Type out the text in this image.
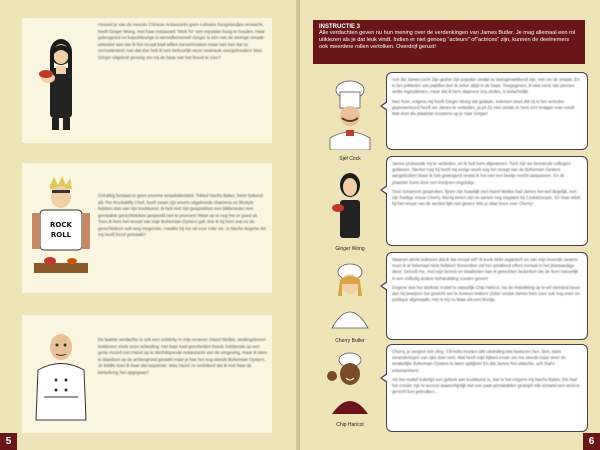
Hoewel je van de meeste Chinese restaurants geen culinaire hoogstandjes verwacht, heeft Ginger Wong, met haar restaurant "Wok To" een reputatie hoog te houden. Haar gebrogeerd en koperkleurige is wereldberoemd! Ginger is één van de weinige omaak-artiesten aan wie ik het recept kaal willen toevertrouwen maar niet met dat ze verzoeteramt! Aan dat doe heb ik een behoorlijk vieze nasmaak overgehouden! Was Ginger uitgeloot genoeg om mij de baas van het brood te zien?
ROCK
ROLL
Gelukkig bestaat er geen enorme smaakidentiteit. Tokkel Nacho Baker, beter bekend als The Rockabilly Chef, heeft naast zijn enorm uitgebreide charisma en lifestyle hebben dan van zijn kookkunst. Ik heb met zijn gesprekken een blikbroeder met gemaakte gerechtsteken gespeeld niet te proeven! Waar op te nog het er goed uit. Toen ik hem het recept van mijn Bohemian Oysters gaf, doe ik bij hem wat nu de gerechtsteen ook weg megenste, maakte hij me uit voor rotte vis. Is Nacho degene die mij heeft bood gemaakt?
De laatste verdachte is ook een celebrity in mijn ervaren: Hazel Wellas, wedergeboren lesbienne sinds onze scheiding. Het haar kaal gescheiden hoedt, hebbende op een grote moord met Hazel op te slechtlopende restaurants van de omgeving, maar ik laten is daardoor op de achtergrond geraakt maar je kan het nog steeds Bohemian Oysters. Je kiddle toen ik haar dat toeperste. Was Hazel zo verbitterd dat ik met haar de bieterkring het opgegaan?
5
INSTRUCTIE 3
Alle verdachten geven nu hun mening over de verdenkingen van James Butler. Je mag allemaal een rol uitkiezen als je dat leuk vindt. Indien er niet genoeg "acteurs" of"actrices" zijn, kunnen de deelnemers ook meerdere rollen vertolken. Overdrijf gerust!
Sjef Cock

Ach die James toch! Zijn gedoe zijn populair omdat ze lastogenwikkend zijn, niet om de smaak. En in het prikkelen van papillen ben ik zeker altijd in de baas. Toegegeven, ik wist eerst niet precies welke ingrediënten, maar dat ik hem daarvoor zou doden, is belachelijk!

Nee hoor, volgens mij heeft Ginger Wong dat gedaan, iedereen weet dat zij in het verleden gepresenteerd heeft om James te verleiden, ja ja! Ze niet omdat ze hem zo'n knappe man vond! Wat doet die plaatstar trouwens op je naar Ginger!

Ginger Wong

James probeerde mij te verleiden, en ik heb hem afgewezen. Toch zijn we bevriende collega's gebleven. Sterker nog hij heeft mij vorige week nog het recept van de Bohemian Oysters aangeboden! Maar ik heb geweigerd omdat ik het niet een beetje mocht aanpassen. En de plaatster komt door een konijnen-ongelukje.

Over romances gesproken: fijnen zijn huwelijk met Hazel Wellas had James het wel degelijk, met zijn huidige vrouw Cherry. Menig keren zijn ze samen nog stagiaire bij Cook&Soupie. En haar wilde hij het recept van de secties lijkt niet geven! Wie je daar boos over Cherry!

Cherry Butler

Waarom denkt iedereen dat ik dat recept wil? Ik kook strikt organisch en van mijn levende oesters moet ik al helemaal niets hebben! Bovendien zal het opvallend effect zomaal in het plantaardige dieet. Gelooft me, met mijn kennis en kwaliteiten kan ik gerechten bedenken die de ferm natuurlijk in een volledig andere behandeling zouden geven!

Degene met het sterkste motief is natuurlijk Chip Haricot. Na de mislukking op tv wil niemand liever dan hij bewijzen het gewicht wel te kunnen maken! Zeker omdat James hem toen ook nog even en publique afgemaakt. Het is mij nu klaar als een klontje.

Chip Haricot

Cherry, je vergeet één ding. Tóf koks moeten alle uitvinding iets bewezen hen. Ben, want veranderingen van rijks doet veel. Wat heeft mijn kijkers ervan om me steeds maar weer de smakelijke Bohemian Oysters te laten opkijken! En dat James het uitlachte, ach that's entertainment.

Als het motief indertijd een gebrek aan kookkunst is, dan is het volgens mij Nacho Baker. Die had het zonder zijn tv-succes waarschijnlijk niet een paar-pizzabakker gestopt! Alle iemand een serieus gerecht kon gebruiken...

6
